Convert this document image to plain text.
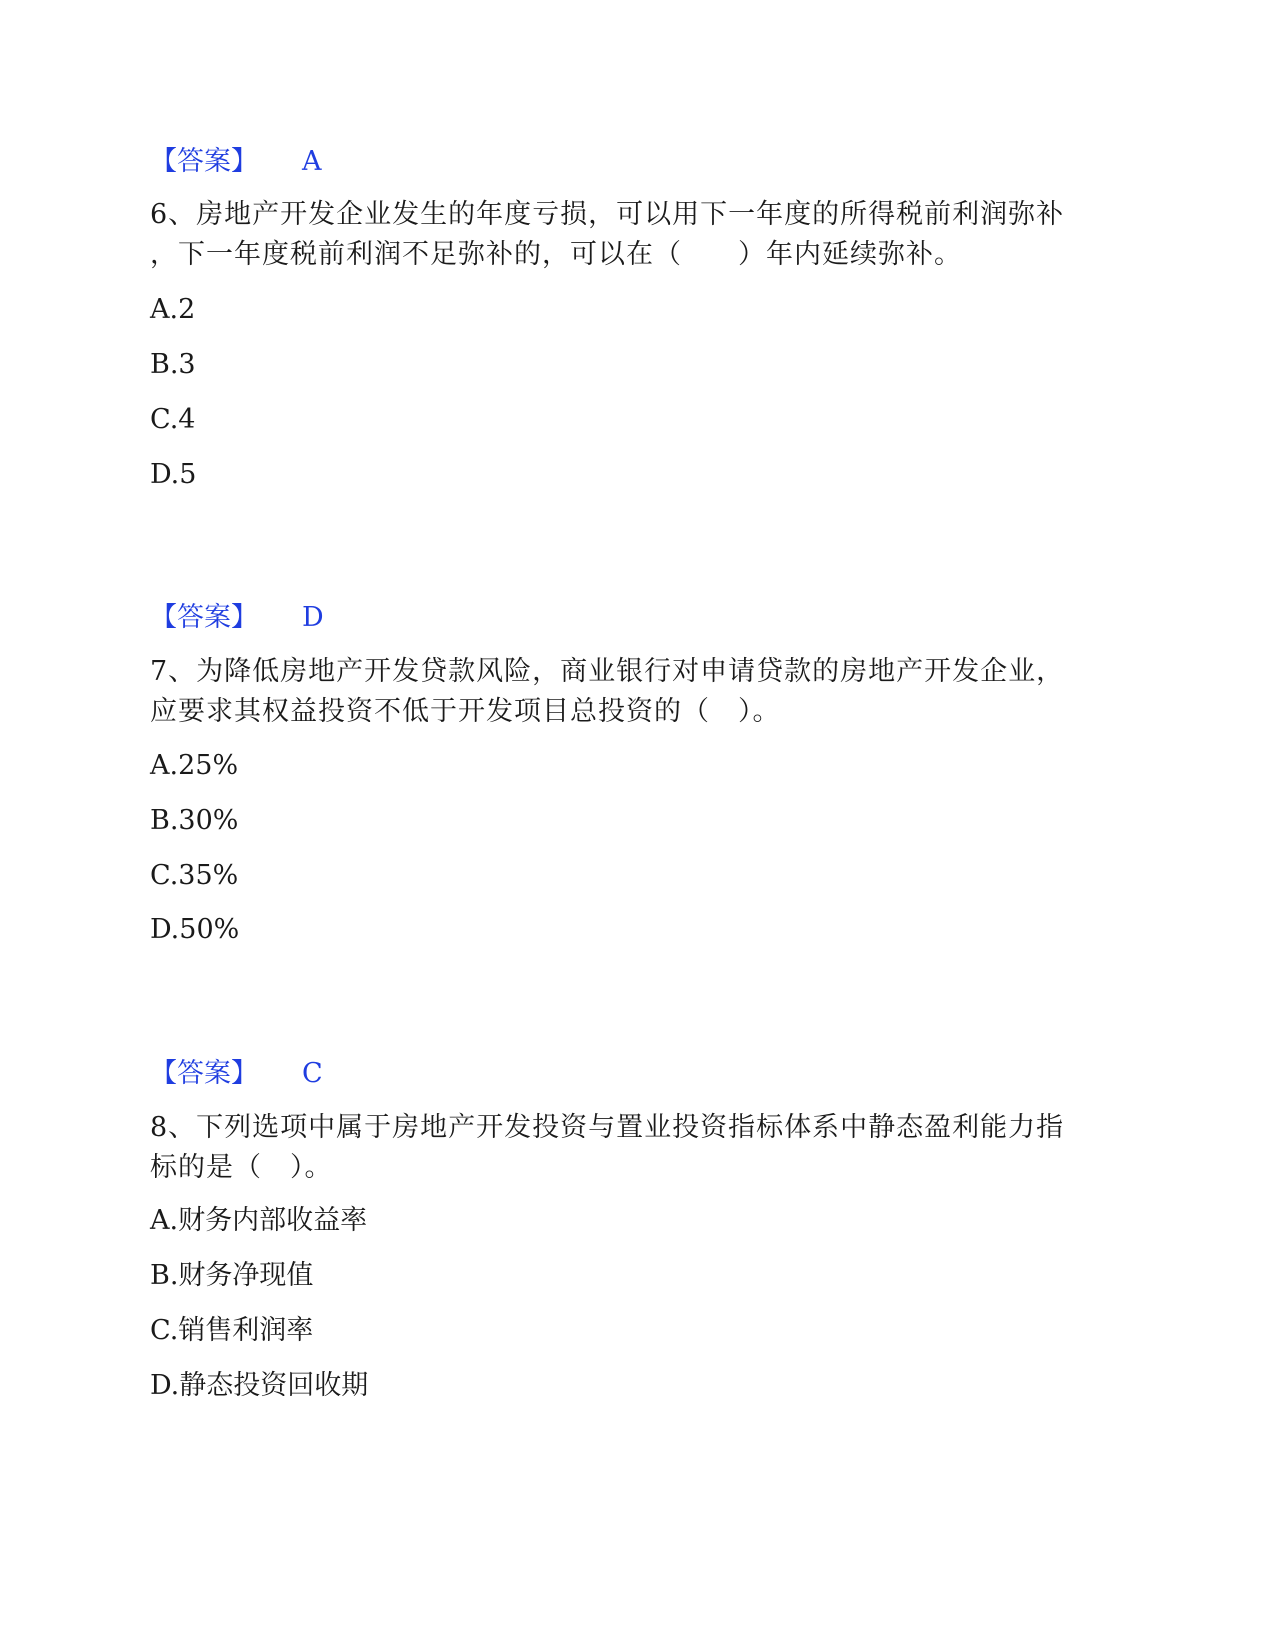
【答案】 A
6、房地产开发企业发生的年度亏损，可以用下一年度的所得税前利润弥补
，下一年度税前利润不足弥补的，可以在（　　）年内延续弥补。
A.2
B.3
C.4
D.5
【答案】 D
7、为降低房地产开发贷款风险，商业银行对申请贷款的房地产开发企业，
应要求其权益投资不低于开发项目总投资的（　）。
A.25%
B.30%
C.35%
D.50%
【答案】 C
8、下列选项中属于房地产开发投资与置业投资指标体系中静态盈利能力指
标的是（　）。
A.财务内部收益率
B.财务净现值
C.销售利润率
D.静态投资回收期
